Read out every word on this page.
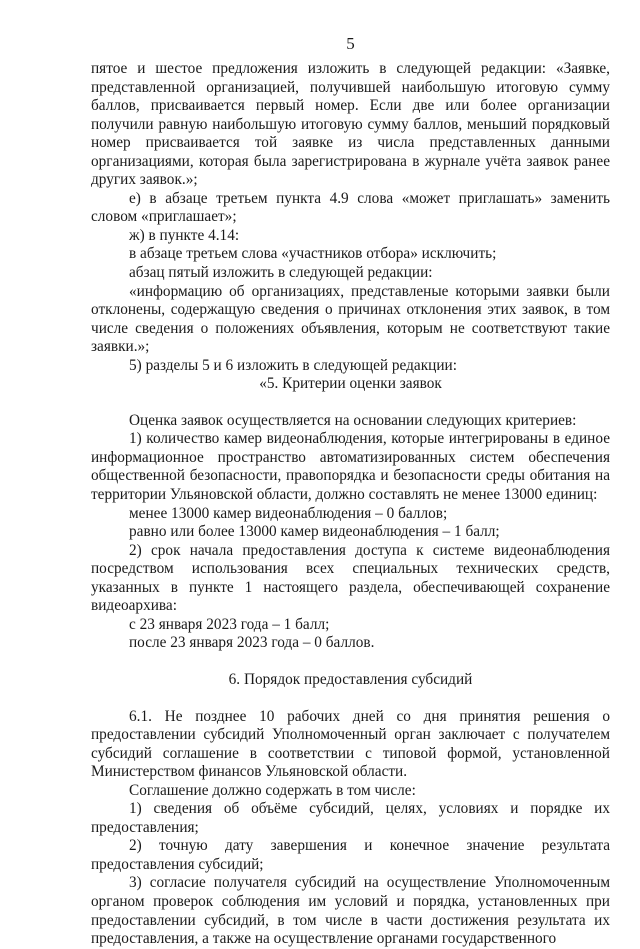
5

пятое и шестое предложения изложить в следующей редакции: «Заявке, представленной организацией, получившей наибольшую итоговую сумму баллов, присваивается первый номер. Если две или более организации получили равную наибольшую итоговую сумму баллов, меньший порядковый номер присваивается той заявке из числа представленных данными организациями, которая была зарегистрирована в журнале учёта заявок ранее других заявок.»;

е) в абзаце третьем пункта 4.9 слова «может приглашать» заменить словом «приглашает»;

ж) в пункте 4.14:

в абзаце третьем слова «участников отбора» исключить;

абзац пятый изложить в следующей редакции:

«информацию об организациях, представленые которыми заявки были отклонены, содержащую сведения о причинах отклонения этих заявок, в том числе сведения о положениях объявления, которым не соответствуют такие заявки.»;

5) разделы 5 и 6 изложить в следующей редакции:

«5. Критерии оценки заявок

Оценка заявок осуществляется на основании следующих критериев:

1) количество камер видеонаблюдения, которые интегрированы в единое информационное пространство автоматизированных систем обеспечения общественной безопасности, правопорядка и безопасности среды обитания на территории Ульяновской области, должно составлять не менее 13000 единиц:

менее 13000 камер видеонаблюдения – 0 баллов;

равно или более 13000 камер видеонаблюдения – 1 балл;

2) срок начала предоставления доступа к системе видеонаблюдения посредством использования всех специальных технических средств, указанных в пункте 1 настоящего раздела, обеспечивающей сохранение видеоархива:

с 23 января 2023 года – 1 балл;

после 23 января 2023 года – 0 баллов.

6. Порядок предоставления субсидий

6.1. Не позднее 10 рабочих дней со дня принятия решения о предоставлении субсидий Уполномоченный орган заключает с получателем субсидий соглашение в соответствии с типовой формой, установленной Министерством финансов Ульяновской области.

Соглашение должно содержать в том числе:

1) сведения об объёме субсидий, целях, условиях и порядке их предоставления;

2) точную дату завершения и конечное значение результата предоставления субсидий;

3) согласие получателя субсидий на осуществление Уполномоченным органом проверок соблюдения им условий и порядка, установленных при предоставлении субсидий, в том числе в части достижения результата их предоставления, а также на осуществление органами государственного
